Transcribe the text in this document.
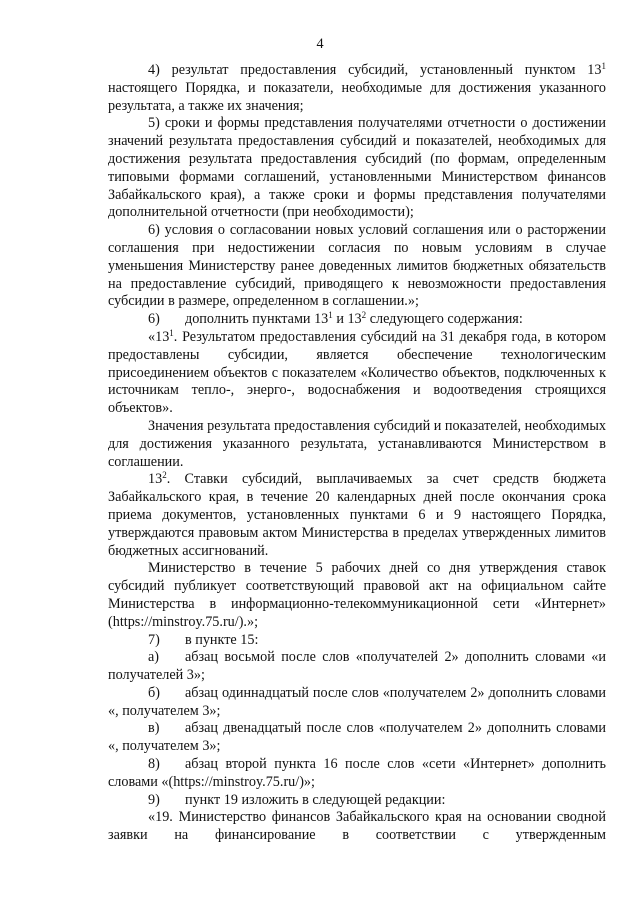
4

4) результат предоставления субсидий, установленный пунктом $13^1$ настоящего Порядка, и показатели, необходимые для достижения указанного результата, а также их значения;

5) сроки и формы представления получателями отчетности о достижении значений результата предоставления субсидий и показателей, необходимых для достижения результата предоставления субсидий (по формам, определенным типовыми формами соглашений, установленными Министерством финансов Забайкальского края), а также сроки и формы представления получателями дополнительной отчетности (при необходимости);

6) условия о согласовании новых условий соглашения или о расторжении соглашения при недостижении согласия по новым условиям в случае уменьшения Министерству ранее доведенных лимитов бюджетных обязательств на предоставление субсидий, приводящего к невозможности предоставления субсидии в размере, определенном в соглашении.»;

6) дополнить пунктами $13^1$ и $13^2$ следующего содержания:

«$13^1$. Результатом предоставления субсидий на 31 декабря года, в котором предоставлены субсидии, является обеспечение технологическим присоединением объектов с показателем «Количество объектов, подключенных к источникам тепло-, энерго-, водоснабжения и водоотведения строящихся объектов».

Значения результата предоставления субсидий и показателей, необходимых для достижения указанного результата, устанавливаются Министерством в соглашении.

$13^2$. Ставки субсидий, выплачиваемых за счет средств бюджета Забайкальского края, в течение 20 календарных дней после окончания срока приема документов, установленных пунктами 6 и 9 настоящего Порядка, утверждаются правовым актом Министерства в пределах утвержденных лимитов бюджетных ассигнований.

Министерство в течение 5 рабочих дней со дня утверждения ставок субсидий публикует соответствующий правовой акт на официальном сайте Министерства в информационно-телекоммуникационной сети «Интернет» (https://minstroy.75.ru/).»;

7) в пункте 15:

а) абзац восьмой после слов «получателей 2» дополнить словами «и получателей 3»;

б) абзац одиннадцатый после слов «получателем 2» дополнить словами «, получателем 3»;

в) абзац двенадцатый после слов «получателем 2» дополнить словами «, получателем 3»;

8) абзац второй пункта 16 после слов «сети «Интернет» дополнить словами «(https://minstroy.75.ru/)»;

9) пункт 19 изложить в следующей редакции:

«19. Министерство финансов Забайкальского края на основании сводной заявки на финансирование в соответствии с утвержденным
